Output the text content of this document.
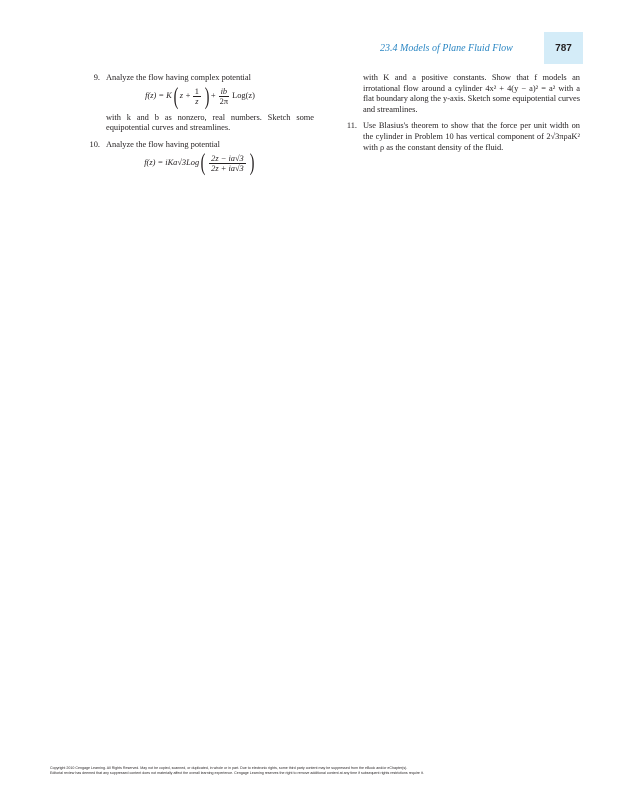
23.4 Models of Plane Fluid Flow	787
9. Analyze the flow having complex potential
f(z) = K ( $z + \frac{1}{z}$ ) + $\frac{ib}{2\pi} Log(z)$
with k and b as nonzero, real numbers. Sketch some equipotential curves and streamlines.
10. Analyze the flow having potential
f(z) = iKa√3Log ( $\frac{2z - ia√3}{2z + ia√3}$ )
with K and a positive constants. Show that f models an irrotational flow around a cylinder 4x² + 4(y − a)² = a² with a flat boundary along the y-axis. Sketch some equipotential curves and streamlines.
11. Use Blasius's theorem to show that the force per unit width on the cylinder in Problem 10 has vertical component of 2√3πρaK² with ρ as the constant density of the fluid.
Copyright 2010 Cengage Learning. All Rights Reserved. May not be copied, scanned, or duplicated, in whole or in part. Due to electronic rights, some third party content may be suppressed from the eBook and/or eChapter(s).
Editorial review has deemed that any suppressed content does not materially affect the overall learning experience. Cengage Learning reserves the right to remove additional content at any time if subsequent rights restrictions require it.
